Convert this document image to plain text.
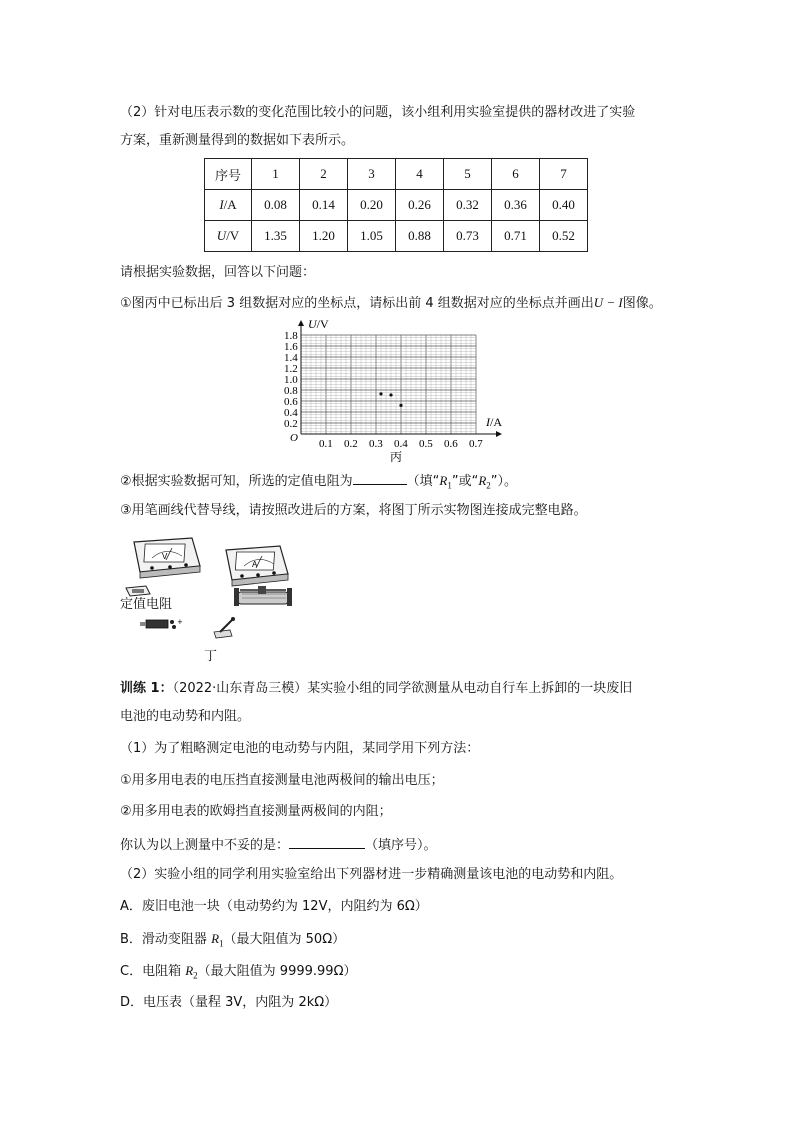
（2）针对电压表示数的变化范围比较小的问题，该小组利用实验室提供的器材改进了实验
方案，重新测量得到的数据如下表所示。
序号	1	2	3	4	5	6	7
I/A	0.08	0.14	0.20	0.26	0.32	0.36	0.40
U/V	1.35	1.20	1.05	0.88	0.73	0.71	0.52
请根据实验数据，回答以下问题：
①图丙中已标出后 3 组数据对应的坐标点，请标出前 4 组数据对应的坐标点并画出U − I图像。
0.1 0.2 0.3 0.4 0.5 0.6 0.7
0.2
0.4
0.6
0.8
1.0
1.2
1.4
1.6
1.8
U/V
I/A
O
丙
②根据实验数据可知，所选的定值电阻为	（填“$R_1$”或“$R_2$”）。
③用笔画线代替导线，请按照改进后的方案，将图丁所示实物图连接成完整电路。
V
A
+
定值电阻
丁
训练 1：（2022·山东青岛三模）某实验小组的同学欲测量从电动自行车上拆卸的一块废旧
电池的电动势和内阻。
（1）为了粗略测定电池的电动势与内阻，某同学用下列方法：
①用多用电表的电压挡直接测量电池两极间的输出电压；
②用多用电表的欧姆挡直接测量两极间的内阻；
你认为以上测量中不妥的是：	（填序号）。
（2）实验小组的同学利用实验室给出下列器材进一步精确测量该电池的电动势和内阻。
A．废旧电池一块（电动势约为 12V，内阻约为 6Ω）
B．滑动变阻器 $R_1$（最大阻值为 50Ω）
C．电阻箱 $R_2$（最大阻值为 9999.99Ω）
D．电压表（量程 3V，内阻为 2kΩ）
